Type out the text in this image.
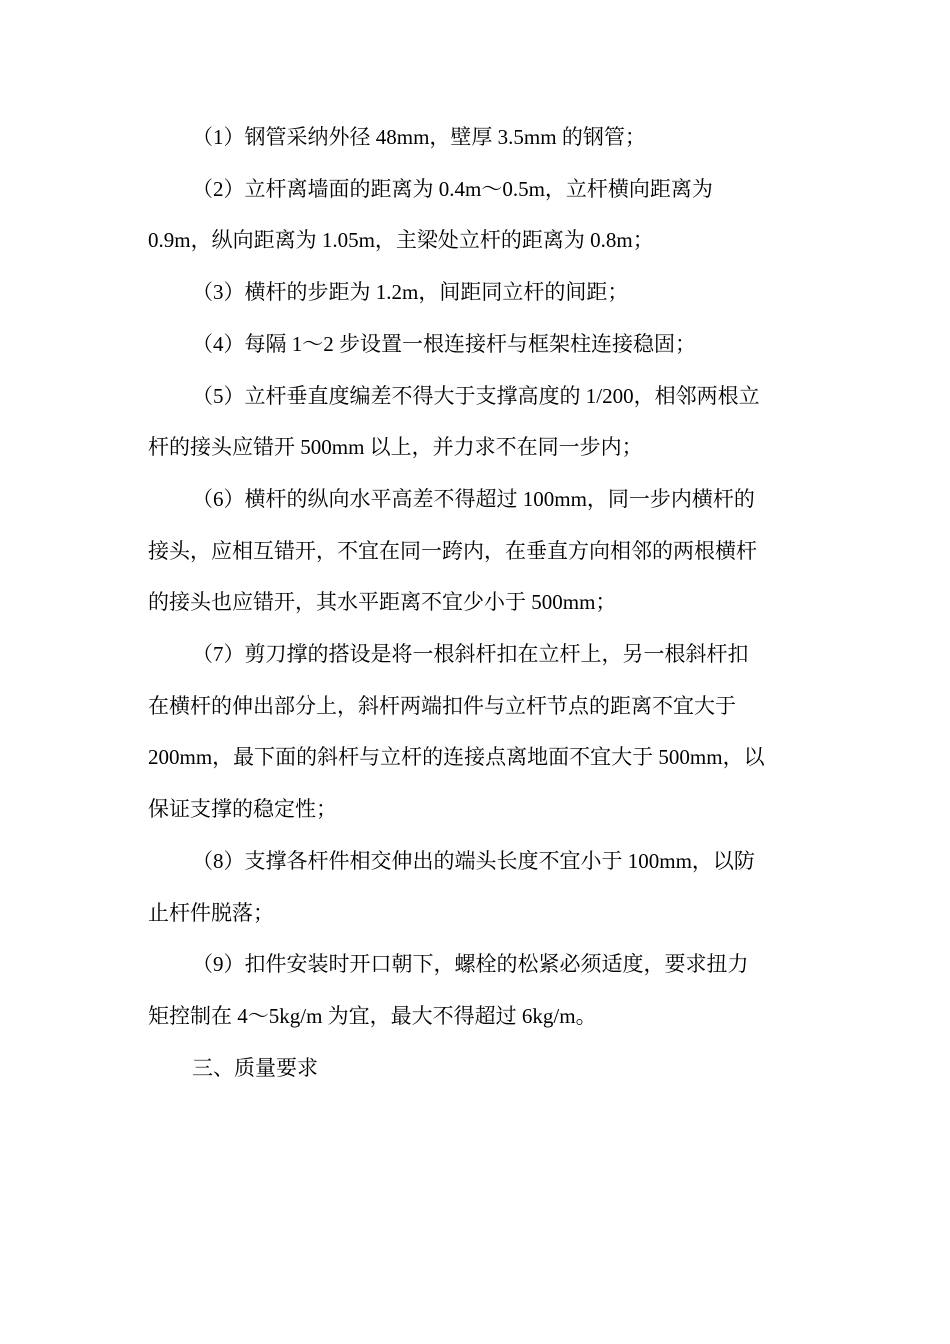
（1）钢管采纳外径 48mm，壁厚 3.5mm 的钢管；
（2）立杆离墙面的距离为 0.4m～0.5m，立杆横向距离为
0.9m，纵向距离为 1.05m，主梁处立杆的距离为 0.8m；
（3）横杆的步距为 1.2m，间距同立杆的间距；
（4）每隔 1～2 步设置一根连接杆与框架柱连接稳固；
（5）立杆垂直度编差不得大于支撑高度的 1/200，相邻两根立
杆的接头应错开 500mm 以上，并力求不在同一步内；
（6）横杆的纵向水平高差不得超过 100mm，同一步内横杆的
接头，应相互错开，不宜在同一跨内，在垂直方向相邻的两根横杆
的接头也应错开，其水平距离不宜少小于 500mm；
（7）剪刀撑的搭设是将一根斜杆扣在立杆上，另一根斜杆扣
在横杆的伸出部分上，斜杆两端扣件与立杆节点的距离不宜大于
200mm，最下面的斜杆与立杆的连接点离地面不宜大于 500mm，以
保证支撑的稳定性；
（8）支撑各杆件相交伸出的端头长度不宜小于 100mm，以防
止杆件脱落；
（9）扣件安装时开口朝下，螺栓的松紧必须适度，要求扭力
矩控制在 4～5kg/m 为宜，最大不得超过 6kg/m。
三、质量要求
